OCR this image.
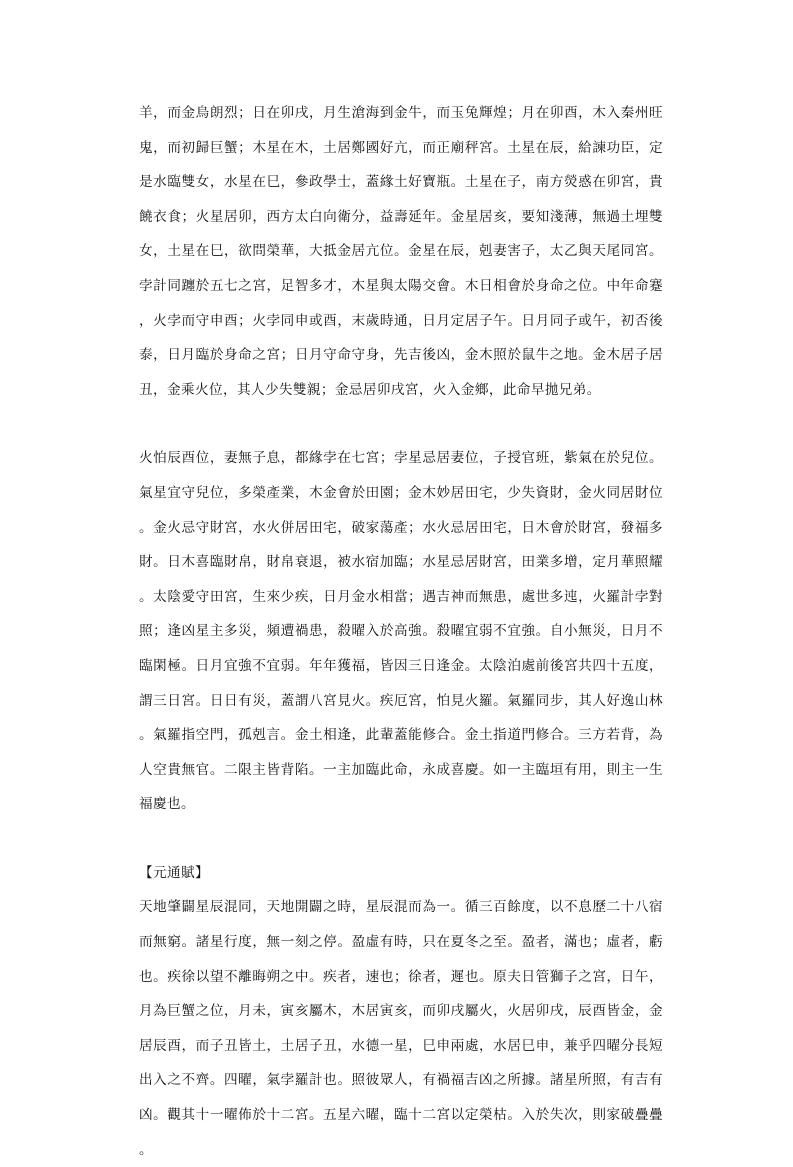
羊，而金烏朗烈；日在卯戌，月生滄海到金牛，而玉兔輝煌；月在卯酉，木入秦州旺鬼，而初歸巨蟹；木星在木，土居鄭國好亢，而正廟秤宮。土星在辰，給諫功臣，定是水臨雙女，水星在巳，參政學士，蓋緣土好寶瓶。土星在子，南方熒惑在卯宮，貴饒衣食；火星居卯，西方太白向衛分，益壽延年。金星居亥，要知淺薄，無過土埋雙女，土星在巳，欲問榮華，大抵金居亢位。金星在辰，剋妻害子，太乙與天尾同宮。孛計同躔於五七之宮，足智多才，木星與太陽交會。木日相會於身命之位。中年命蹇，火孛而守申酉；火孛同申或酉，末歲時通，日月定居子午。日月同子或午，初否後泰，日月臨於身命之宮；日月守命守身，先吉後凶，金木照於鼠牛之地。金木居子居丑，金乘火位，其人少失雙親；金忌居卯戌宮，火入金鄉，此命早拋兄弟。

火怕辰酉位，妻無子息，都緣孛在七宮；孛星忌居妻位，子授官班，紫氣在於兒位。氣星宜守兒位，多榮產業，木金會於田園；金木妙居田宅，少失資財，金火同居財位。金火忌守財宮，水火併居田宅，破家蕩產；水火忌居田宅，日木會於財宮，發福多財。日木喜臨財帛，財帛衰退，被水宿加臨；水星忌居財宮，田業多增，定月華照耀。太陰愛守田宮，生來少疾，日月金水相當；遇吉神而無患，處世多迍，火羅計孛對照；逢凶星主多災，頻遭禍患，殺曜入於高強。殺曜宜弱不宜強。自小無災，日月不臨閑極。日月宜強不宜弱。年年獲福，皆因三日逢金。太陰泊處前後宮共四十五度，謂三日宮。日日有災，蓋謂八宮見火。疾厄宮，怕見火羅。氣羅同步，其人好逸山林。氣羅指空門，孤剋言。金土相逢，此輩蓋能修合。金土指道門修合。三方若背，為人空貴無官。二限主皆背陷。一主加臨此命，永成喜慶。如一主臨垣有用，則主一生福慶也。

【元通賦】

天地肇闢星辰混同，天地開闢之時，星辰混而為一。循三百餘度，以不息歷二十八宿而無窮。諸星行度，無一刻之停。盈虛有時，只在夏冬之至。盈者，滿也；虛者，虧也。疾徐以望不離晦朔之中。疾者，速也；徐者，遲也。原夫日管獅子之宮，日午，月為巨蟹之位，月未，寅亥屬木，木居寅亥，而卯戌屬火，火居卯戌，辰酉皆金，金居辰酉，而子丑皆土，土居子丑，水德一星，巳申兩處，水居巳申，兼乎四曜分長短出入之不齊。四曜，氣孛羅計也。照彼眾人，有禍福吉凶之所據。諸星所照，有吉有凶。觀其十一曜佈於十二宮。五星六曜，臨十二宮以定榮枯。入於失次，則家破疊疊。
